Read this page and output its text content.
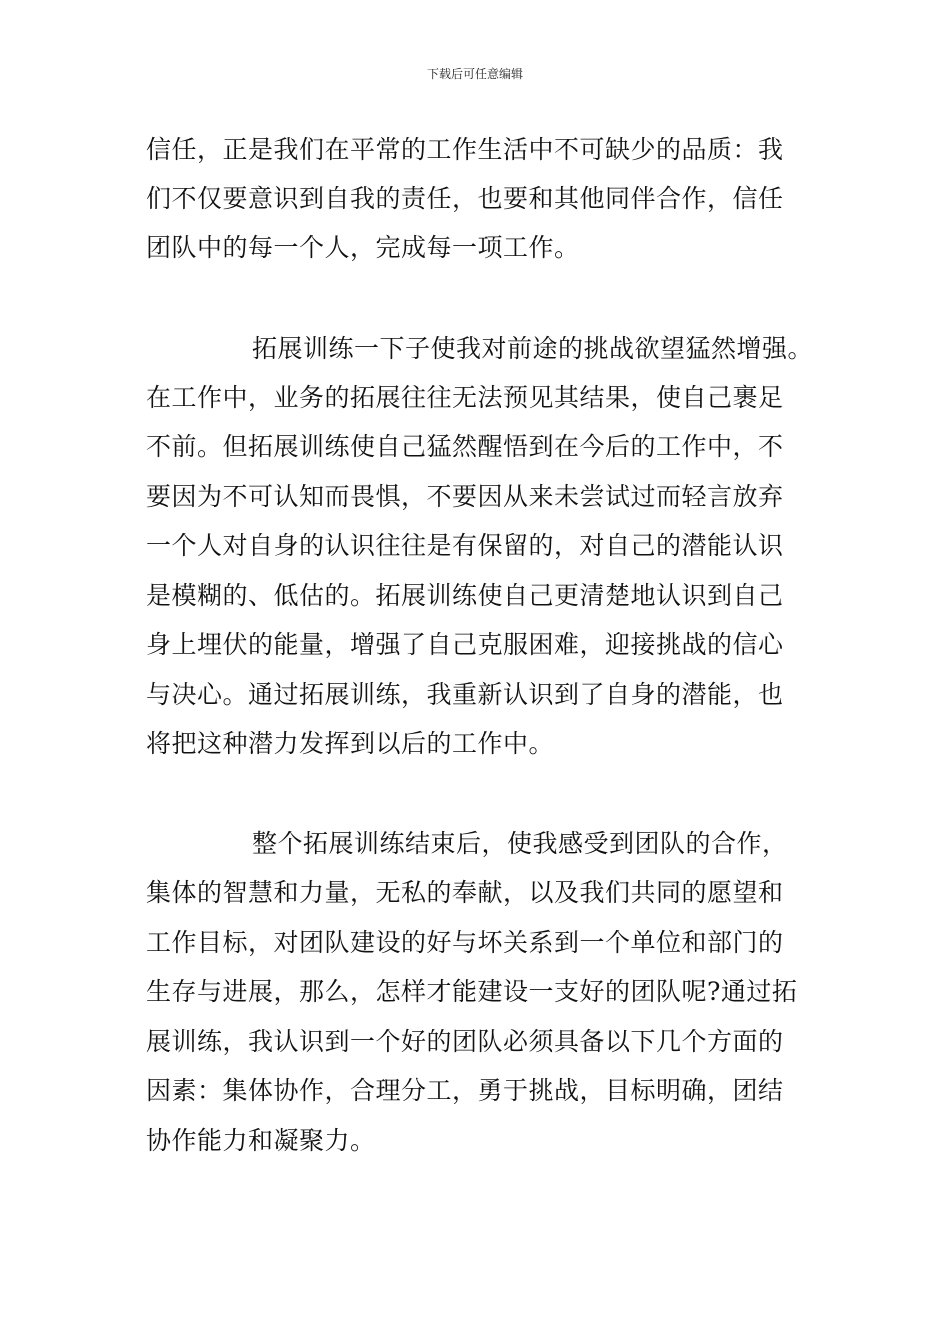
下载后可任意编辑
信任，正是我们在平常的工作生活中不可缺少的品质：我
们不仅要意识到自我的责任，也要和其他同伴合作，信任
团队中的每一个人，完成每一项工作。
拓展训练一下子使我对前途的挑战欲望猛然增强。
在工作中，业务的拓展往往无法预见其结果，使自己裹足
不前。但拓展训练使自己猛然醒悟到在今后的工作中，不
要因为不可认知而畏惧，不要因从来未尝试过而轻言放弃
一个人对自身的认识往往是有保留的，对自己的潜能认识
是模糊的、低估的。拓展训练使自己更清楚地认识到自己
身上埋伏的能量，增强了自己克服困难，迎接挑战的信心
与决心。通过拓展训练，我重新认识到了自身的潜能，也
将把这种潜力发挥到以后的工作中。
整个拓展训练结束后，使我感受到团队的合作，
集体的智慧和力量，无私的奉献，以及我们共同的愿望和
工作目标，对团队建设的好与坏关系到一个单位和部门的
生存与进展，那么，怎样才能建设一支好的团队呢?通过拓
展训练，我认识到一个好的团队必须具备以下几个方面的
因素：集体协作，合理分工，勇于挑战，目标明确，团结
协作能力和凝聚力。
